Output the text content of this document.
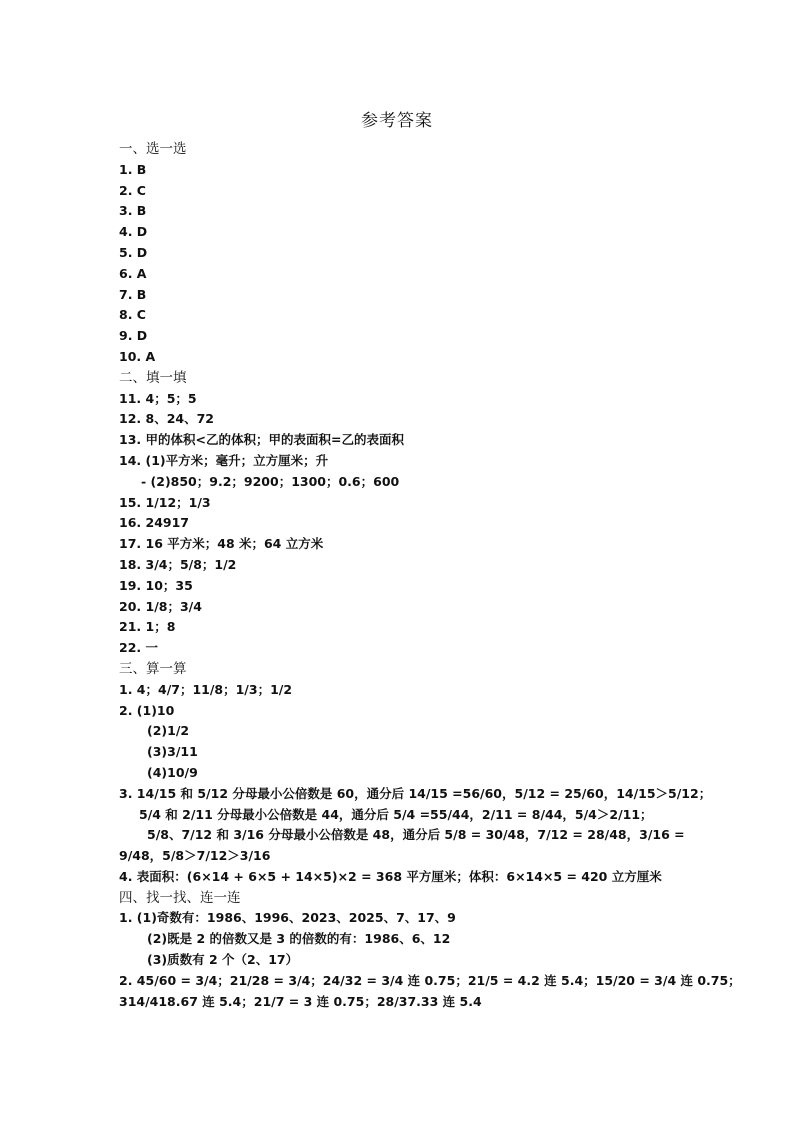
参考答案
一、选一选
1. B
2. C
3. B
4. D
5. D
6. A
7. B
8. C
9. D
10. A
二、填一填
11. 4；5；5
12. 8、24、72
13. 甲的体积<乙的体积；甲的表面积=乙的表面积
14. (1)平方米；毫升；立方厘米；升
- (2)850；9.2；9200；1300；0.6；600
15. 1/12；1/3
16. 24917
17. 16 平方米；48 米；64 立方米
18. 3/4；5/8；1/2
19. 10；35
20. 1/8；3/4
21. 1；8
22. 一
三、算一算
1. 4；4/7；11/8；1/3；1/2
2. (1)10
(2)1/2
(3)3/11
(4)10/9
3. 14/15 和 5/12 分母最小公倍数是 60，通分后 14/15 =56/60，5/12 = 25/60，14/15＞5/12；
5/4 和 2/11 分母最小公倍数是 44，通分后 5/4 =55/44，2/11 = 8/44，5/4＞2/11；
5/8、7/12 和 3/16 分母最小公倍数是 48，通分后 5/8 = 30/48，7/12 = 28/48，3/16 =
9/48，5/8＞7/12＞3/16
4. 表面积：(6×14 + 6×5 + 14×5)×2 = 368 平方厘米；体积：6×14×5 = 420 立方厘米
四、找一找、连一连
1. (1)奇数有：1986、1996、2023、2025、7、17、9
(2)既是 2 的倍数又是 3 的倍数的有：1986、6、12
(3)质数有 2 个（2、17）
2. 45/60 = 3/4；21/28 = 3/4；24/32 = 3/4 连 0.75；21/5 = 4.2 连 5.4；15/20 = 3/4 连 0.75；
314/418.67 连 5.4；21/7 = 3 连 0.75；28/37.33 连 5.4
